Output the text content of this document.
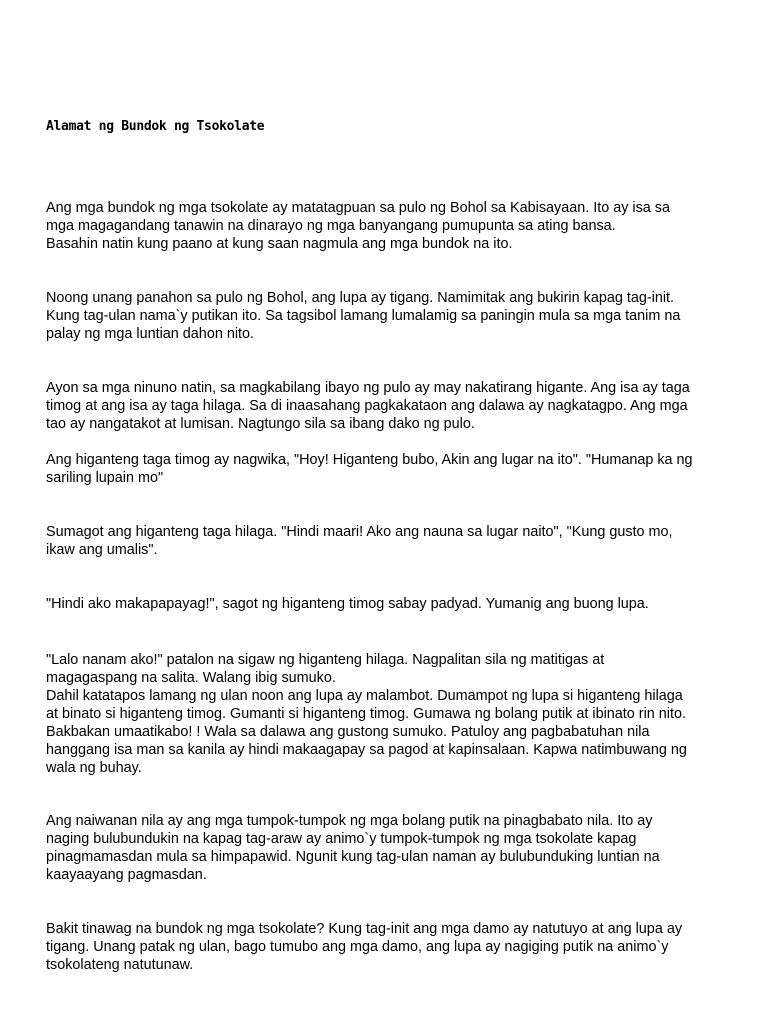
Alamat ng Bundok ng Tsokolate
Ang mga bundok ng mga tsokolate ay matatagpuan sa pulo ng Bohol sa Kabisayaan. Ito ay isa sa
mga magagandang tanawin na dinarayo ng mga banyangang pumupunta sa ating bansa.
Basahin natin kung paano at kung saan nagmula ang mga bundok na ito.
Noong unang panahon sa pulo ng Bohol, ang lupa ay tigang. Namimitak ang bukirin kapag tag-init.
Kung tag-ulan nama`y putikan ito. Sa tagsibol lamang lumalamig sa paningin mula sa mga tanim na
palay ng mga luntian dahon nito.
Ayon sa mga ninuno natin, sa magkabilang ibayo ng pulo ay may nakatirang higante. Ang isa ay taga
timog at ang isa ay taga hilaga. Sa di inaasahang pagkakataon ang dalawa ay nagkatagpo. Ang mga
tao ay nangatakot at lumisan. Nagtungo sila sa ibang dako ng pulo.
Ang higanteng taga timog ay nagwika, "Hoy! Higanteng bubo, Akin ang lugar na ito". "Humanap ka ng
sariling lupain mo"
Sumagot ang higanteng taga hilaga. "Hindi maari! Ako ang nauna sa lugar naito", "Kung gusto mo,
ikaw ang umalis".
"Hindi ako makapapayag!", sagot ng higanteng timog sabay padyad. Yumanig ang buong lupa.
"Lalo nanam ako!" patalon na sigaw ng higanteng hilaga. Nagpalitan sila ng matitigas at
magagaspang na salita. Walang ibig sumuko.
Dahil katatapos lamang ng ulan noon ang lupa ay malambot. Dumampot ng lupa si higanteng hilaga
at binato si higanteng timog. Gumanti si higanteng timog. Gumawa ng bolang putik at ibinato rin nito.
Bakbakan umaatikabo! ! Wala sa dalawa ang gustong sumuko. Patuloy ang pagbabatuhan nila
hanggang isa man sa kanila ay hindi makaagapay sa pagod at kapinsalaan. Kapwa natimbuwang ng
wala ng buhay.
Ang naiwanan nila ay ang mga tumpok-tumpok ng mga bolang putik na pinagbabato nila. Ito ay
naging bulubundukin na kapag tag-araw ay animo`y tumpok-tumpok ng mga tsokolate kapag
pinagmamasdan mula sa himpapawid. Ngunit kung tag-ulan naman ay bulubunduking luntian na
kaayaayang pagmasdan.
Bakit tinawag na bundok ng mga tsokolate? Kung tag-init ang mga damo ay natutuyo at ang lupa ay
tigang. Unang patak ng ulan, bago tumubo ang mga damo, ang lupa ay nagiging putik na animo`y
tsokolateng natutunaw.
